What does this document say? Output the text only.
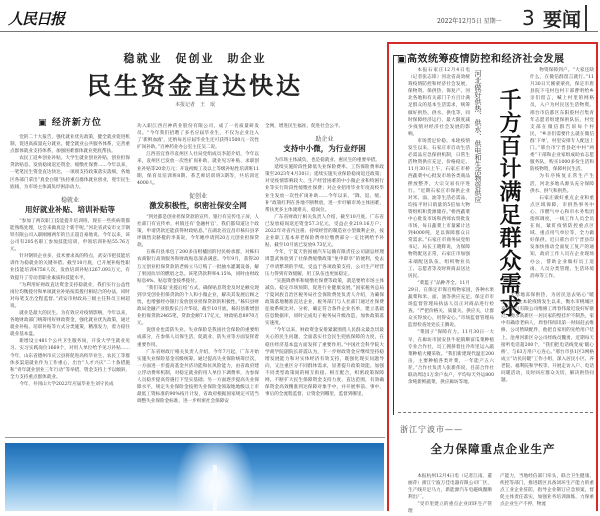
人民日报	2022年12月5日 星期一 3 要闻
稳就业　促创业　助企业
民生资金直达快达
本报记者　王　珉
▣ 经济新方位

党的二十大报告，强化就业优先政策，健全就业促进机制，促进高质量充分就业。健全就业公共服务体系，完善重点群体就业支持体系，加强困难群体就业兜底帮扶。

农民工返乡创业补贴、大学生就业创业补贴、创业担保贷款贴息、发放稳岗返还资金、缓缴社保费……今年以来，一笔笔民生资金直达快达，一项项支持政策落实落细，各地区各部门拿出“真金白银”扶持重点群体就业创业，兜牢民生底线，为市场主体减负纾困添动力。

稳就业
用好就业补贴、培训补贴等

“参加了两次职工技能提升培训班，现在一些疾病我都能熟练处理，这会来做真是个新手呢。”河北省武安市文丰钢铁有限公司入职刚刚两年的吕正超自豪地说。今年以来，该公司有205名职工参加技能培训，申领培训补贴55.76万元。

针对钢铁企业多、技术要求高的特点，武安市把技能培训作为稳就业的关键举措。截至10月底，已开展补贴性职业技能培训4758人次，发放培训补贴1267.093万元，有效提升了劳动者职业素质和技能水平。

“为利用好财政直达资金支持稳就业，我们实行公益性岗位均衡拨付和单项就业补贴按需拨付相结合的办法，同时对每笔支出全程监督。”武安市财政局三级主任科员王树超说。

就业是最大的民生。为有效应对疫情影响，今年以来，各地财政部门统筹用好财政资金，强化就业优先政策，通过就业补贴、培训补贴等方式分类施策，精准发力，着力稳住就业基本盘。

新增设立481个公共卫生服务岗，开发大学生就业见习、实习实践岗位1669个，对用人单位给予见习补贴……今年，山东省德州市庆云县将促进高校毕业生、农民工等群体多渠道就业作为工作重心，出台“人才兴庆”二十条措施和“青年就业创业三年行动”等举措，资金支持上予以倾斜，全力支持重点群体就业。

今年，井冈山大学2022年应届毕业生刘守民成

功入职江西百神药业股份有限公司，成了一名质量研发员。“今年我们招聘了多名应届毕业生，不仅为企业注入了‘新鲜血液’，还纳每名应届毕业生还可获得1500元一次性扩岗补助。”百神药业办公室主任吴二说。

江西省宜春市袁州区人社局党组成员李超介绍，今年以来，袁州区已发放一次性扩岗补助、就业见习补贴、求职创业补贴等20余万元；开设初级工及以上等级补贴性培训班11期，保育员培训班8期、茶艺师培训班3期等，共培训近4000人。

促创业
激发积极性，织密社保安全网

“到处都是创业担保贷款的宣传，银行有宣传电子屏，人社部门有宣传单，村镇还有‘金融村官’，我们都知道这个政策，申请贷款还能获得财政贴息。”在湖北省宜昌市秭归县茅坪镇售卖脐橙的李某说，今年她申请到20万元创业担保贷款。

在秭归县承包了200多亩柑橘园的付民杨承群，对秭归农商银行高效服务和财政贴息深表满意。今年9月，获得20万元创业担保贷款的老杨立马订购了一批抽水灌溉设备，解了果园抗旱的燃眉之急。该笔贷款利率4.15%，同时由财政贴息4%，贴息资金按季拨付。

“我们采取‘先拨后结’方式，确保贴息资金及时足额兑现到享受创业担保贷款的个人和小微企业，解决其发展后顾之忧，也增强经办银行发放创业担保贷款的积极性。”秭归县财政局金融产业股股长吕介华说。截至10月底，秭归县新增创业担保贷款2465笔，贷款金额7.17亿元，财政贴息8970万元。

促创业也需防失业。失业保险是我国社会保险的重要组成部分，在参保人员保生活、促就业、防失业等方面发挥着重要作用。

广东省财政厅相关负责人介绍，今年7月起，广东开始实施失业保险基金省级统筹。通过提高失业保险统筹层次，一方面进一步提高基金共济功能和抗风险能力，由省政府建立浮动费率机制，对稳定就业的用人单位下调费率，为参保人员稳步提高待遇打下坚实基础；另一方面逐步提高失业保障水平，规定失业保险金按照失业保险金领取地地级以上市最低工资标准的90%按月计发，省政府根据国家规定可适当调整失业保险金标准，进一步织密社会保障安

全网，增进民生福祉，促进社会公平。

助企业
支持中小微，为行业纾困

为市场主体减负，也是稳就业、惠民生的重要举措。

延续实施阶段性降低失业保险费率、工伤保险费率政策至2023年4月30日；延续实施失业保险稳岗返还政策；对受疫情影响较大、生产经营困难的中小微企业和特困行业等实行阶段性缓缴社保费；对企业招用毕业年度高校毕业生发放一次性扩岗补助……今年以来，“降、返、缓、补”政策红利在各地不断释放，进一步纾解市场主体困难，帮扶更多主体渡难关、稳岗位。

广东省财政厅相关负责人介绍，截至10月底，广东省已发放稳岗返还资金57.3亿元，受益企业219.16万户；2022年对省内注册、持续经营的制造业小型微利企业，按企业职工基本养老保险费单位缴费部分一定比例给予补贴，截至10月底已发放9.73亿元。

今年，宁夏天豹国丽汽车运输有限责任公司副总经理周慧武体验到了社保费缓缴政策“免申即享”的便利，免去了申请繁琐的手续。受益于各项政策支持，公司生产经营压力得到有效缓解，用工队伍也更加稳定。

“实施降费率和缓缴社保费等政策，就是要给市场主体减负、稳定市场预期，促进行业健康发展。”国家税务总局宁夏回族自治区税务局社会保险费处负责人介绍，为确保政策落地精准直达企业，税务部门与人社部门通过社保费征收系统比对、分析，确定符合条件企业名单，建立基础信息数据库，同时完成电子税务局升级改造，加快政策落实速度。

“今年以来，财政资金安排紧紧围绕人民群众最急切最关心的民生问题，全面落实社会民生兜底保障的力度，在稳住经济基本盘方面发挥了重要作用。”中国社会科学院大学商学院副院长蒋震认为，下一步财政资金应继续坚持稳增发展能力和对实体经济有效支持，既强化现实问题导向，又注重区分不同群体需求，显著提升政策效能。加强不同类型政策间的相互衔接、相互配合，织密政策保障网。不断扩大民生保障资金支持力度、直达范围，有效确保资金高效精准到达保障对象手中，并开展事前、事中、事后的全流程监督，让资金到哪里、监督到哪里。

▣高效统筹疫情防控和经济社会发展

本报石家庄12月4日电（记者张志锋）河北省高效统筹疫情防控和经济社会发展，保物资、保供热、保复产。河北各地和有关部门千方百计满足群众的基本生活需求，统筹做好供热、供水、供电等，同时保障经济运行，最大限度减少疫情对经济社会发展的影响。

市场货足价稳。本轮疫情发生以来，石家庄市启动生活必需品应急保供机制，日常生活物资供应充足，价格稳定。11月30日上午，石家庄市桥西蔬菜中心批发市场各类商品摆放整齐，大宗交易有序进行。“近期石家庄市保供企业对米、面、油等生活必需品，均按平时日销量的5倍加大物资组织和货源储存。”桥西蔬菜中心批发市场和西郊农贸批发市场，每日蔬菜上市量累计达到4000吨，足以保障群众日常需求。”石家庄市商务局党组书记、局长王晓辉说，为保障物资配送正常，石家庄市加强末端配送队伍，组织物业员工、志愿者等及时将商品送达居民。

“菜篮子”品种齐全。11月29日，在保定市保百购物家园，各种水果蔬菜和米、面、油等供应充足。保定市市场监督管理局执法人员正对商品进行检查。“严把价格关、质量关、供应关，让群众买得放心、用得安心。”市场监督管理局监督检查处处长王腾说。

“菜园子”保障有力。11月30日一大早，在廊坊市固安县牛驼镇顺富瓜菜种植专业合作社，员工拥挤着往冷库里运入蔬菜种植大棚采收。“我们新建现代温室200亩，主要种植各类叶菜，一年能产五六茬。”合作社负责人张新伟说，目前合作社联动周边1万余户农户，平均每天外运800余吨新鲜蔬菜，供应廊坊等地。

河北做好供热、供水、供电和生活物资供应 千方百计满足群众需求

物资保障到户。“大家还缺什么，在微信群留言就行。”11月30日天刚蒙蒙亮，保定市唐县院下屯村包村干部曹明给乡亲们留言，喊上村里的网格员，入户为村民送生活物资。邢台市信都区东阳胶村召集青年志愿者组建保供队伍，村党支部在微信群告诉每个村民，“乡亲们需要什么就在微信群‘下单’，村里安排专人配送上门。”邢台市宁晋县赵中村“两委”干部和企业家组成助农志愿服务队，购买1000多份生活和防疫物资，保障村民生活。

为有序恢复正常生产生活，河北多地从源头充分保障供水、供气和供热。

石家庄做好重点企业和重点区域保障，市供热事务中心、市燃气中心和市水务集团指挥调度，一线工作人员全员在岗，紧盯疫情防控重点区域、重点用气单位等，全力做好保供。近日邢台市宁晋县印发加快推动全面复工复产的通知，政府工作人员在企业现场办公，帮助企业做好员工返岗、人员分类管理、生活环境消毒等工作。

天寒地冻保供热，为居民送去贴心“暖宝”。河北本轮疫情发生以来，衡水市桃城区泰华燃气有限公司维修工周春伟最近没好好歇过。衡水高新区一居民家的壁挂炉不制热，家中有确诊老病人，周春伟闻讯第一时间赶去维修，公司暂缺配件，他把自家用的先给用户装上。沧州河新区分公司经线员魏勇，近期每天接听电话超200个，“我们把电话线变成‘暖心桥’，与63万用户心连心。”邢台市县1区3网格成立“访民问暖”工作小组，深入居民小区、养老院、福利院和学校等，开展走访入户、电话问暖活动，及时回应群众关切，解决供热问题。

浙江宁波市——
全力保障重点企业生产

本报杭州12月4日电（记者江南、董丽萍）浙江宁波万佳电器有限公司厂区，生产线开足马力，新能源汽车电磁线圈顺利出厂。

“受市里建立的重点企业闭环生产管理

产能力，当地经信部门牵头，联合卫生健康、疾控等部门，推进辖区具备闭环生产能力的重点工业企业驻防，指导企业制订应急预案，督促主体责任落实，加强业务培训演练，力保重点企业生产不停，物流
